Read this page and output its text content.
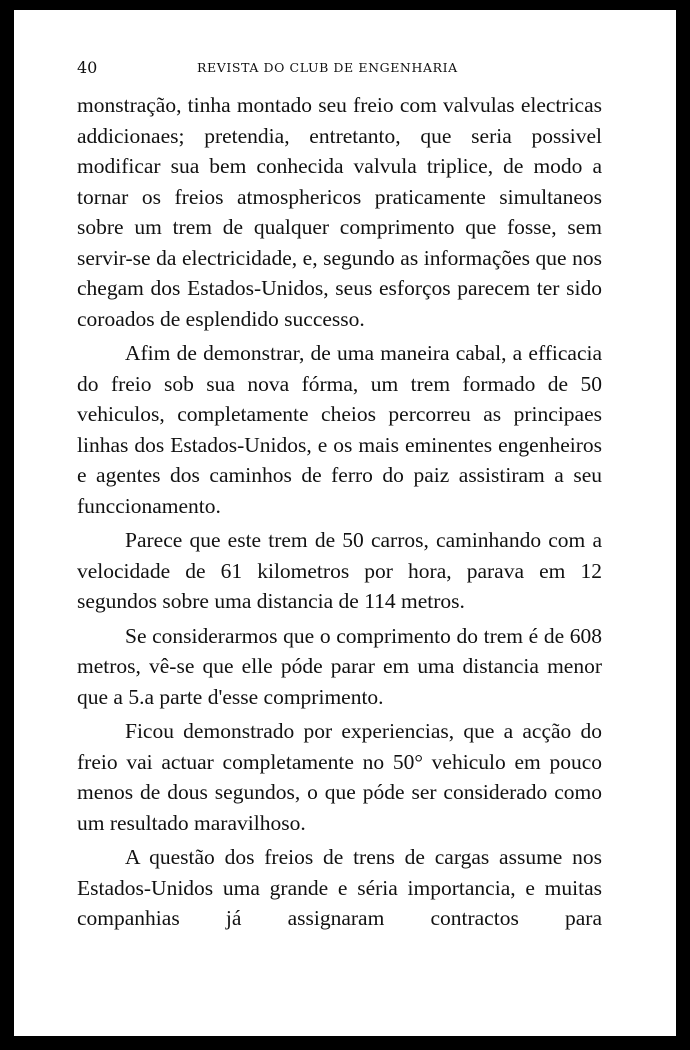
40	REVISTA DO CLUB DE ENGENHARIA

monstração, tinha montado seu freio com valvulas electricas addicionaes; pretendia, entretanto, que seria possivel modificar sua bem conhecida valvula triplice, de modo a tornar os freios atmosphericos praticamente simultaneos sobre um trem de qualquer comprimento que fosse, sem servir-se da electricidade, e, segundo as informações que nos chegam dos Estados-Unidos, seus esforços parecem ter sido coroados de esplendido successo.

Afim de demonstrar, de uma maneira cabal, a efficacia do freio sob sua nova fórma, um trem formado de 50 vehiculos, completamente cheios percorreu as principaes linhas dos Estados-Unidos, e os mais eminentes engenheiros e agentes dos caminhos de ferro do paiz assistiram a seu funccionamento.

Parece que este trem de 50 carros, caminhando com a velocidade de 61 kilometros por hora, parava em 12 segundos sobre uma distancia de 114 metros.

Se considerarmos que o comprimento do trem é de 608 metros, vê-se que elle póde parar em uma distancia menor que a 5.a parte d'esse comprimento.

Ficou demonstrado por experiencias, que a acção do freio vai actuar completamente no 50° vehiculo em pouco menos de dous segundos, o que póde ser considerado como um resultado maravilhoso.

A questão dos freios de trens de cargas assume nos Estados-Unidos uma grande e séria importancia, e muitas companhias já assignaram contractos para
